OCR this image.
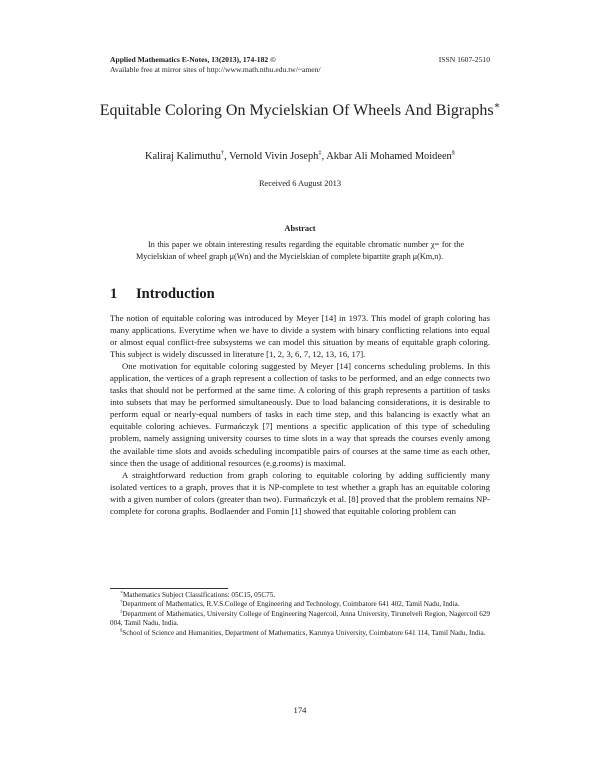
Applied Mathematics E-Notes, 13(2013), 174-182 ©
Available free at mirror sites of http://www.math.nthu.edu.tw/~amen/
ISSN 1607-2510
Equitable Coloring On Mycielskian Of Wheels And Bigraphs∗
Kaliraj Kalimuthu†, Vernold Vivin Joseph‡, Akbar Ali Mohamed Moideen§
Received 6 August 2013
Abstract
In this paper we obtain interesting results regarding the equitable chromatic number χ= for the Mycielskian of wheel graph μ(Wn) and the Mycielskian of complete bipartite graph μ(Km,n).
1 Introduction

The notion of equitable coloring was introduced by Meyer [14] in 1973. This model of graph coloring has many applications. Everytime when we have to divide a system with binary conflicting relations into equal or almost equal conflict-free subsystems we can model this situation by means of equitable graph coloring. This subject is widely discussed in literature [1, 2, 3, 6, 7, 12, 13, 16, 17].

One motivation for equitable coloring suggested by Meyer [14] concerns scheduling problems. In this application, the vertices of a graph represent a collection of tasks to be performed, and an edge connects two tasks that should not be performed at the same time. A coloring of this graph represents a partition of tasks into subsets that may be performed simultaneously. Due to load balancing considerations, it is desirable to perform equal or nearly-equal numbers of tasks in each time step, and this balancing is exactly what an equitable coloring achieves. Furmańczyk [7] mentions a specific application of this type of scheduling problem, namely assigning university courses to time slots in a way that spreads the courses evenly among the available time slots and avoids scheduling incompatible pairs of courses at the same time as each other, since then the usage of additional resources (e.g.rooms) is maximal.

A straightforward reduction from graph coloring to equitable coloring by adding sufficiently many isolated vertices to a graph, proves that it is NP-complete to test whether a graph has an equitable coloring with a given number of colors (greater than two). Furmańczyk et al. [8] proved that the problem remains NP-complete for corona graphs. Bodlaender and Fomin [1] showed that equitable coloring problem can

∗Mathematics Subject Classifications: 05C15, 05C75.

†Department of Mathematics, R.V.S.College of Engineering and Technology, Coimbatore 641 402, Tamil Nadu, India.

‡Department of Mathematics, University College of Engineering Nagercoil, Anna University, Tirunelveli Region, Nagercoil 629 004, Tamil Nadu, India.

§School of Science and Humanities, Department of Mathematics, Karunya University, Coimbatore 641 114, Tamil Nadu, India.

174
